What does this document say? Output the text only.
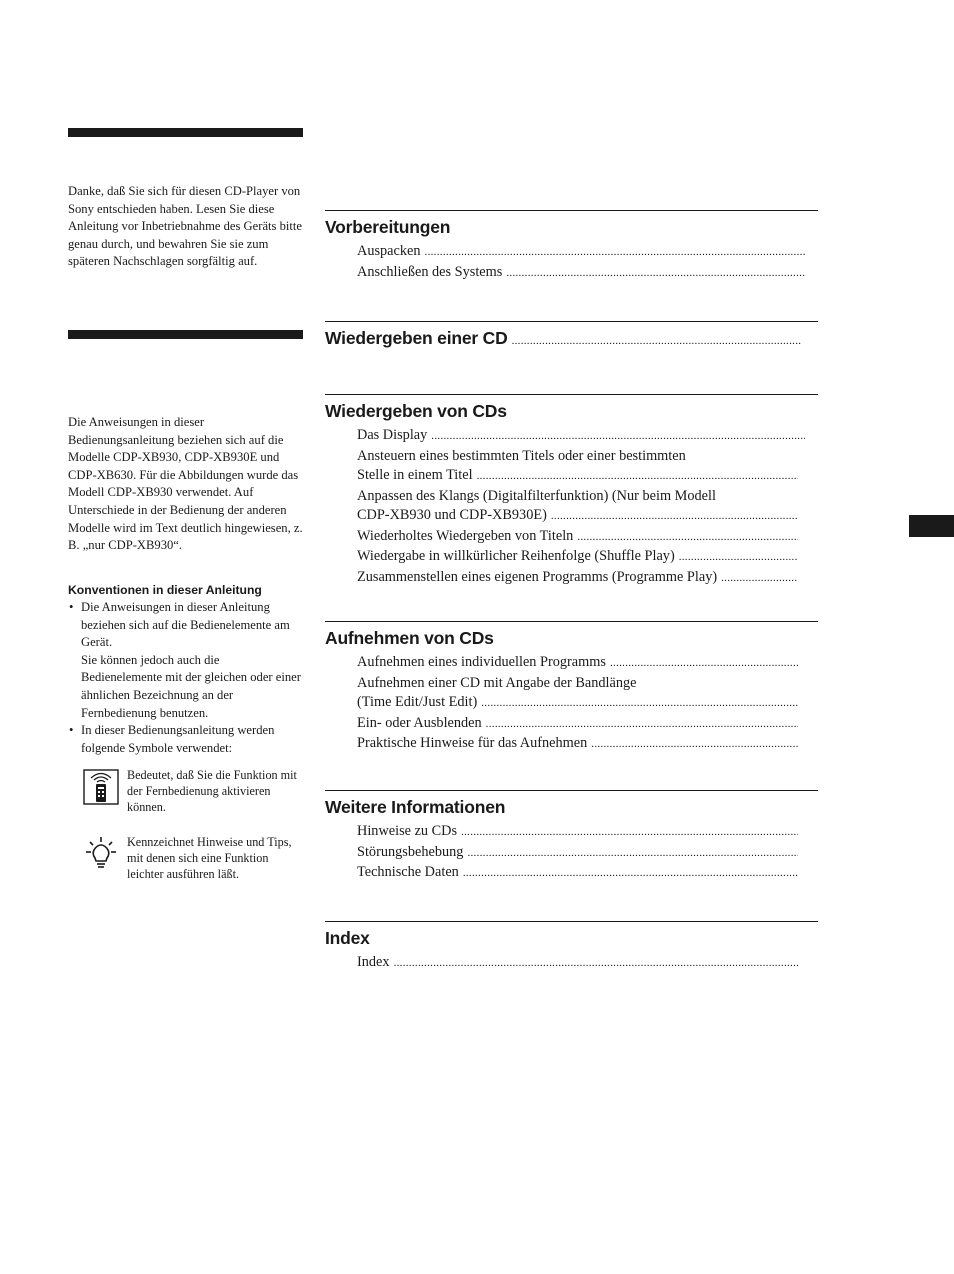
Danke, daß Sie sich für diesen CD-Player von Sony entschieden haben. Lesen Sie diese Anleitung vor Inbetriebnahme des Geräts bitte genau durch, und bewahren Sie sie zum späteren Nachschlagen sorgfältig auf.

Die Anweisungen in dieser Bedienungsanleitung beziehen sich auf die Modelle CDP-XB930, CDP-XB930E und CDP-XB630. Für die Abbildungen wurde das Modell CDP-XB930 verwendet. Auf Unterschiede in der Bedienung der anderen Modelle wird im Text deutlich hingewiesen, z. B. „nur CDP-XB930“.

Konventionen in dieser Anleitung

• Die Anweisungen in dieser Anleitung beziehen sich auf die Bedienelemente am Gerät.
Sie können jedoch auch die Bedienelemente mit der gleichen oder einer ähnlichen Bezeichnung an der Fernbedienung benutzen.
• In dieser Bedienungsanleitung werden folgende Symbole verwendet:

Bedeutet, daß Sie die Funktion mit der Fernbedienung aktivieren können.

Kennzeichnet Hinweise und Tips, mit denen sich eine Funktion leichter ausführen läßt.

Vorbereitungen
Auspacken
.....
Anschließen des Systems
.....
Wiedergeben einer CD
.....
Wiedergeben von CDs
Das Display
.....
Ansteuern eines bestimmten Titels oder einer bestimmten
Stelle in einem Titel
.....
Anpassen des Klangs (Digitalfilterfunktion) (Nur beim Modell
CDP-XB930 und CDP-XB930E)
.....
Wiederholtes Wiedergeben von Titeln
.....
Wiedergabe in willkürlicher Reihenfolge (Shuffle Play)
.....
Zusammenstellen eines eigenen Programms (Programme Play)
.....
Aufnehmen von CDs
Aufnehmen eines individuellen Programms
.....
Aufnehmen einer CD mit Angabe der Bandlänge
(Time Edit/Just Edit)
.....
Ein- oder Ausblenden
.....
Praktische Hinweise für das Aufnehmen
.....
Weitere Informationen
Hinweise zu CDs
.....
Störungsbehebung
.....
Technische Daten
.....
Index
Index
.....
